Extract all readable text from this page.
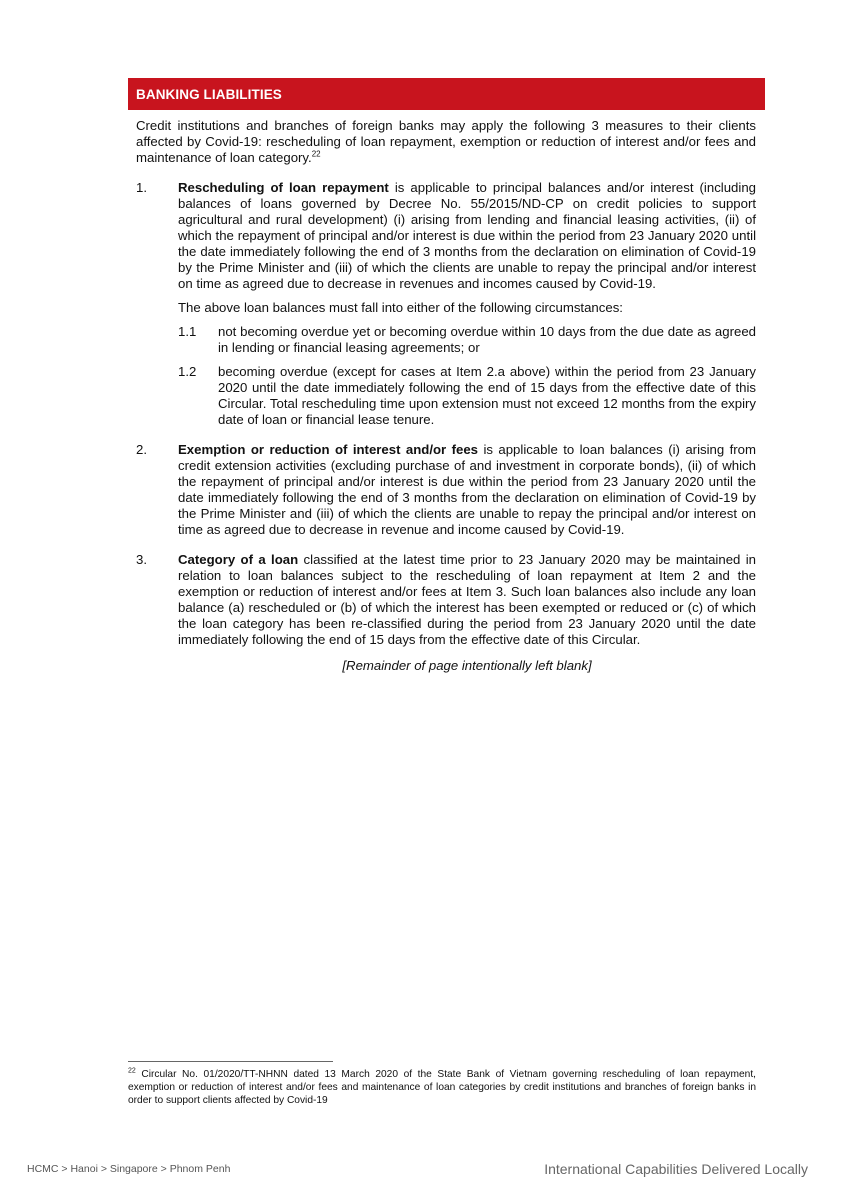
BANKING LIABILITIES

Credit institutions and branches of foreign banks may apply the following 3 measures to their clients affected by Covid-19: rescheduling of loan repayment, exemption or reduction of interest and/or fees and maintenance of loan category.$^{22}$

1.	Rescheduling of loan repayment is applicable to principal balances and/or interest (including balances of loans governed by Decree No. 55/2015/ND-CP on credit policies to support agricultural and rural development) (i) arising from lending and financial leasing activities, (ii) of which the repayment of principal and/or interest is due within the period from 23 January 2020 until the date immediately following the end of 3 months from the declaration on elimination of Covid-19 by the Prime Minister and (iii) of which the clients are unable to repay the principal and/or interest on time as agreed due to decrease in revenues and incomes caused by Covid-19.

The above loan balances must fall into either of the following circumstances:

1.1	not becoming overdue yet or becoming overdue within 10 days from the due date as agreed in lending or financial leasing agreements; or
1.2	becoming overdue (except for cases at Item 2.a above) within the period from 23 January 2020 until the date immediately following the end of 15 days from the effective date of this Circular. Total rescheduling time upon extension must not exceed 12 months from the expiry date of loan or financial lease tenure.
2.	Exemption or reduction of interest and/or fees is applicable to loan balances (i) arising from credit extension activities (excluding purchase of and investment in corporate bonds), (ii) of which the repayment of principal and/or interest is due within the period from 23 January 2020 until the date immediately following the end of 3 months from the declaration on elimination of Covid-19 by the Prime Minister and (iii) of which the clients are unable to repay the principal and/or interest on time as agreed due to decrease in revenue and income caused by Covid-19.

3.	Category of a loan classified at the latest time prior to 23 January 2020 may be maintained in relation to loan balances subject to the rescheduling of loan repayment at Item 2 and the exemption or reduction of interest and/or fees at Item 3. Such loan balances also include any loan balance (a) rescheduled or (b) of which the interest has been exempted or reduced or (c) of which the loan category has been re-classified during the period from 23 January 2020 until the date immediately following the end of 15 days from the effective date of this Circular.

[Remainder of page intentionally left blank]

$^{22}$ Circular No. 01/2020/TT-NHNN dated 13 March 2020 of the State Bank of Vietnam governing rescheduling of loan repayment, exemption or reduction of interest and/or fees and maintenance of loan categories by credit institutions and branches of foreign banks in order to support clients affected by Covid-19
HCMC > Hanoi > Singapore > Phnom Penh	International Capabilities Delivered Locally
